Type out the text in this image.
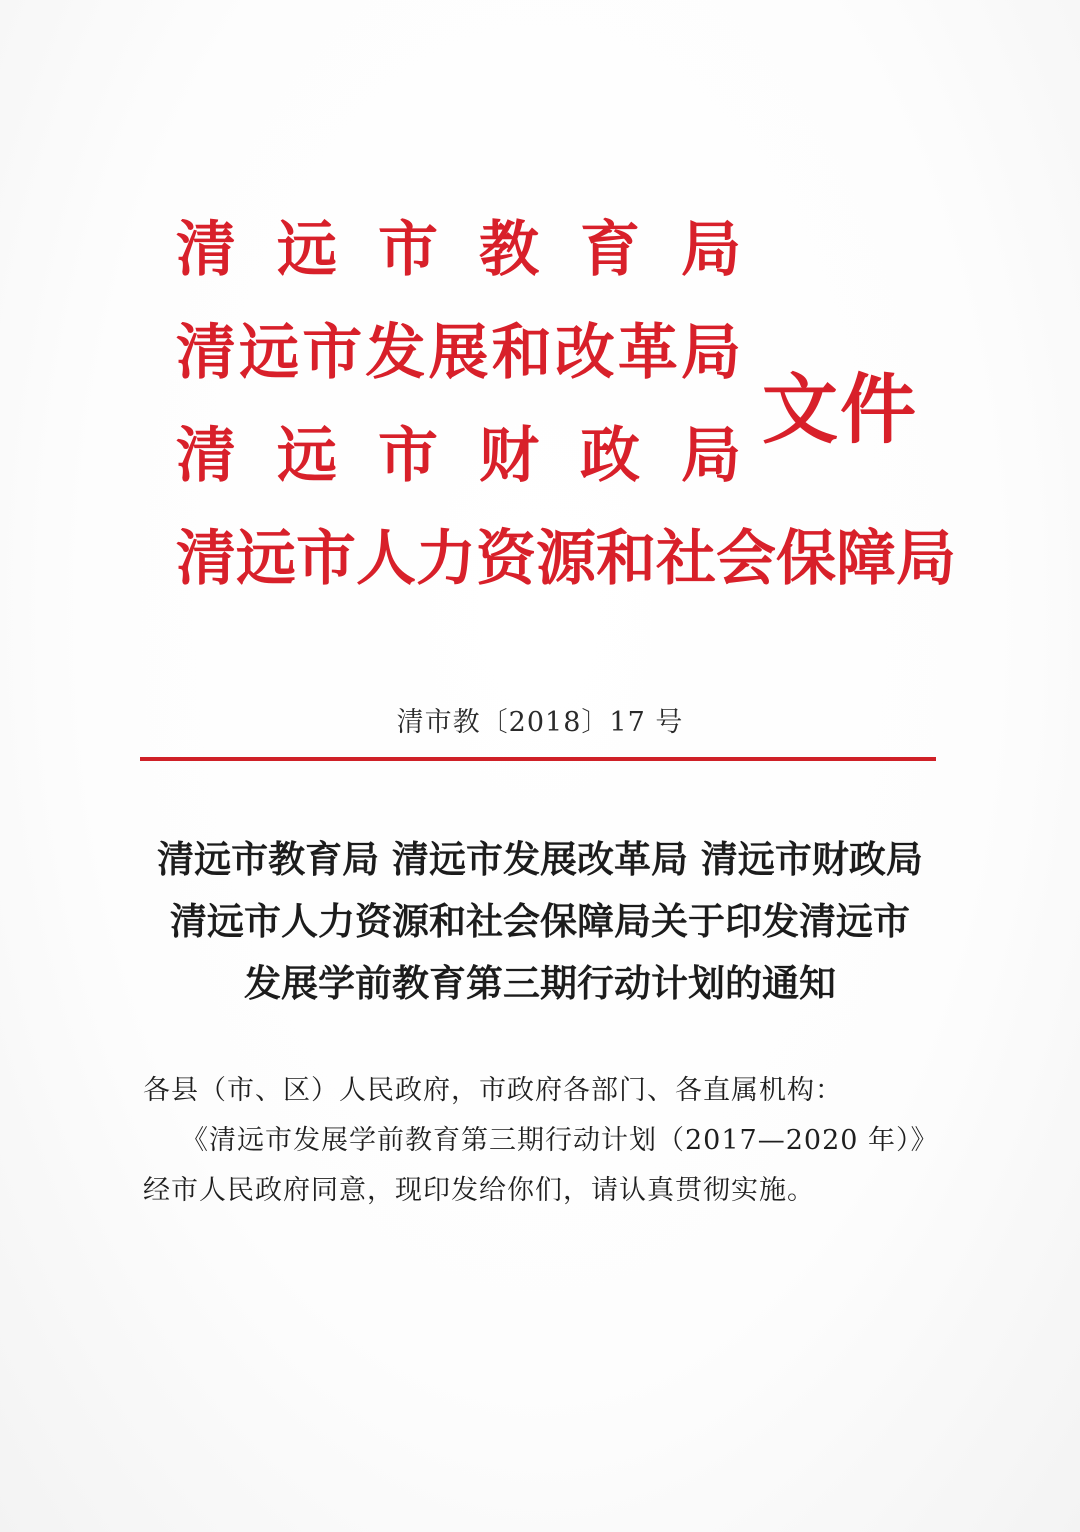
清 远 市 教 育 局
清 远 市 发 展 和 改 革 局
清 远 市 财 政 局
清 远 市 人 力 资 源 和 社 会 保 障 局
文件
清市教〔2018〕17 号
清远市教育局 清远市发展改革局 清远市财政局
清远市人力资源和社会保障局关于印发清远市
发展学前教育第三期行动计划的通知
各县（市、区）人民政府，市政府各部门、各直属机构：
《清远市发展学前教育第三期行动计划（2017—2020 年）》
经市人民政府同意，现印发给你们，请认真贯彻实施。
